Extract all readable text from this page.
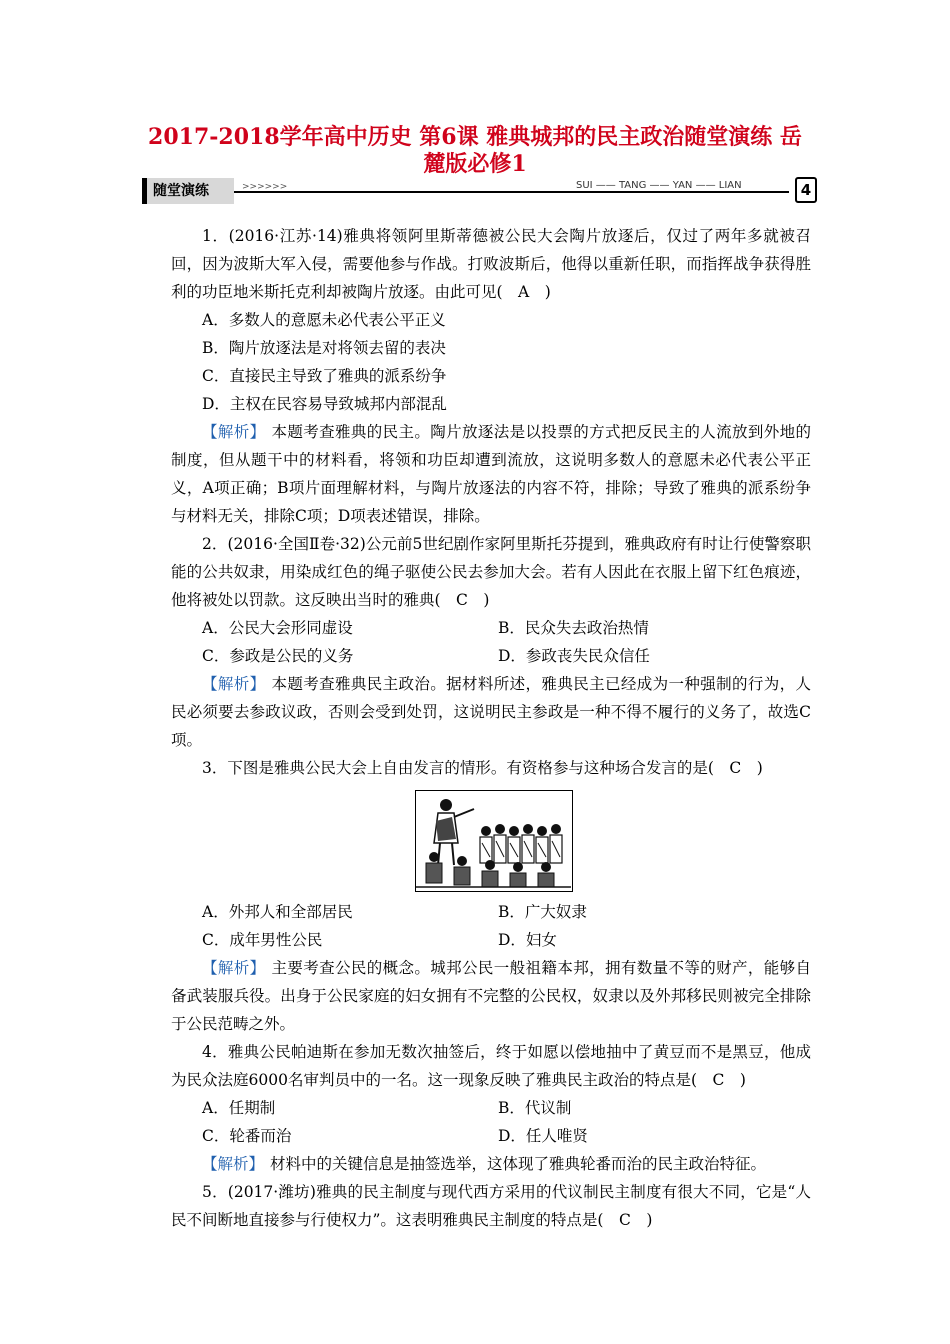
2017-2018学年高中历史 第6课 雅典城邦的民主政治随堂演练 岳
麓版必修1
随堂演练	>>>>>>	SUI —— TANG —— YAN —— LIAN	4

1．(2016·江苏·14)雅典将领阿里斯蒂德被公民大会陶片放逐后，仅过了两年多就被召回，因为波斯大军入侵，需要他参与作战。打败波斯后，他得以重新任职，而指挥战争获得胜利的功臣地米斯托克利却被陶片放逐。由此可见(　A　)

A．多数人的意愿未必代表公平正义

B．陶片放逐法是对将领去留的表决

C．直接民主导致了雅典的派系纷争

D．主权在民容易导致城邦内部混乱

【解析】 本题考查雅典的民主。陶片放逐法是以投票的方式把反民主的人流放到外地的制度，但从题干中的材料看，将领和功臣却遭到流放，这说明多数人的意愿未必代表公平正义，A项正确；B项片面理解材料，与陶片放逐法的内容不符，排除；导致了雅典的派系纷争与材料无关，排除C项；D项表述错误，排除。

2．(2016·全国Ⅱ卷·32)公元前5世纪剧作家阿里斯托芬提到，雅典政府有时让行使警察职能的公共奴隶，用染成红色的绳子驱使公民去参加大会。若有人因此在衣服上留下红色痕迹，他将被处以罚款。这反映出当时的雅典(　C　)

A．公民大会形同虚设	B．民众失去政治热情

C．参政是公民的义务	D．参政丧失民众信任

【解析】 本题考查雅典民主政治。据材料所述，雅典民主已经成为一种强制的行为，人民必须要去参政议政，否则会受到处罚，这说明民主参政是一种不得不履行的义务了，故选C项。

3．下图是雅典公民大会上自由发言的情形。有资格参与这种场合发言的是(　C　)

A．外邦人和全部居民	B．广大奴隶

C．成年男性公民	D．妇女

【解析】 主要考查公民的概念。城邦公民一般祖籍本邦，拥有数量不等的财产，能够自备武装服兵役。出身于公民家庭的妇女拥有不完整的公民权，奴隶以及外邦移民则被完全排除于公民范畴之外。

4．雅典公民帕迪斯在参加无数次抽签后，终于如愿以偿地抽中了黄豆而不是黑豆，他成为民众法庭6000名审判员中的一名。这一现象反映了雅典民主政治的特点是(　C　)

A．任期制	B．代议制

C．轮番而治	D．任人唯贤

【解析】 材料中的关键信息是抽签选举，这体现了雅典轮番而治的民主政治特征。

5．(2017·潍坊)雅典的民主制度与现代西方采用的代议制民主制度有很大不同，它是“人民不间断地直接参与行使权力”。这表明雅典民主制度的特点是(　C　)
